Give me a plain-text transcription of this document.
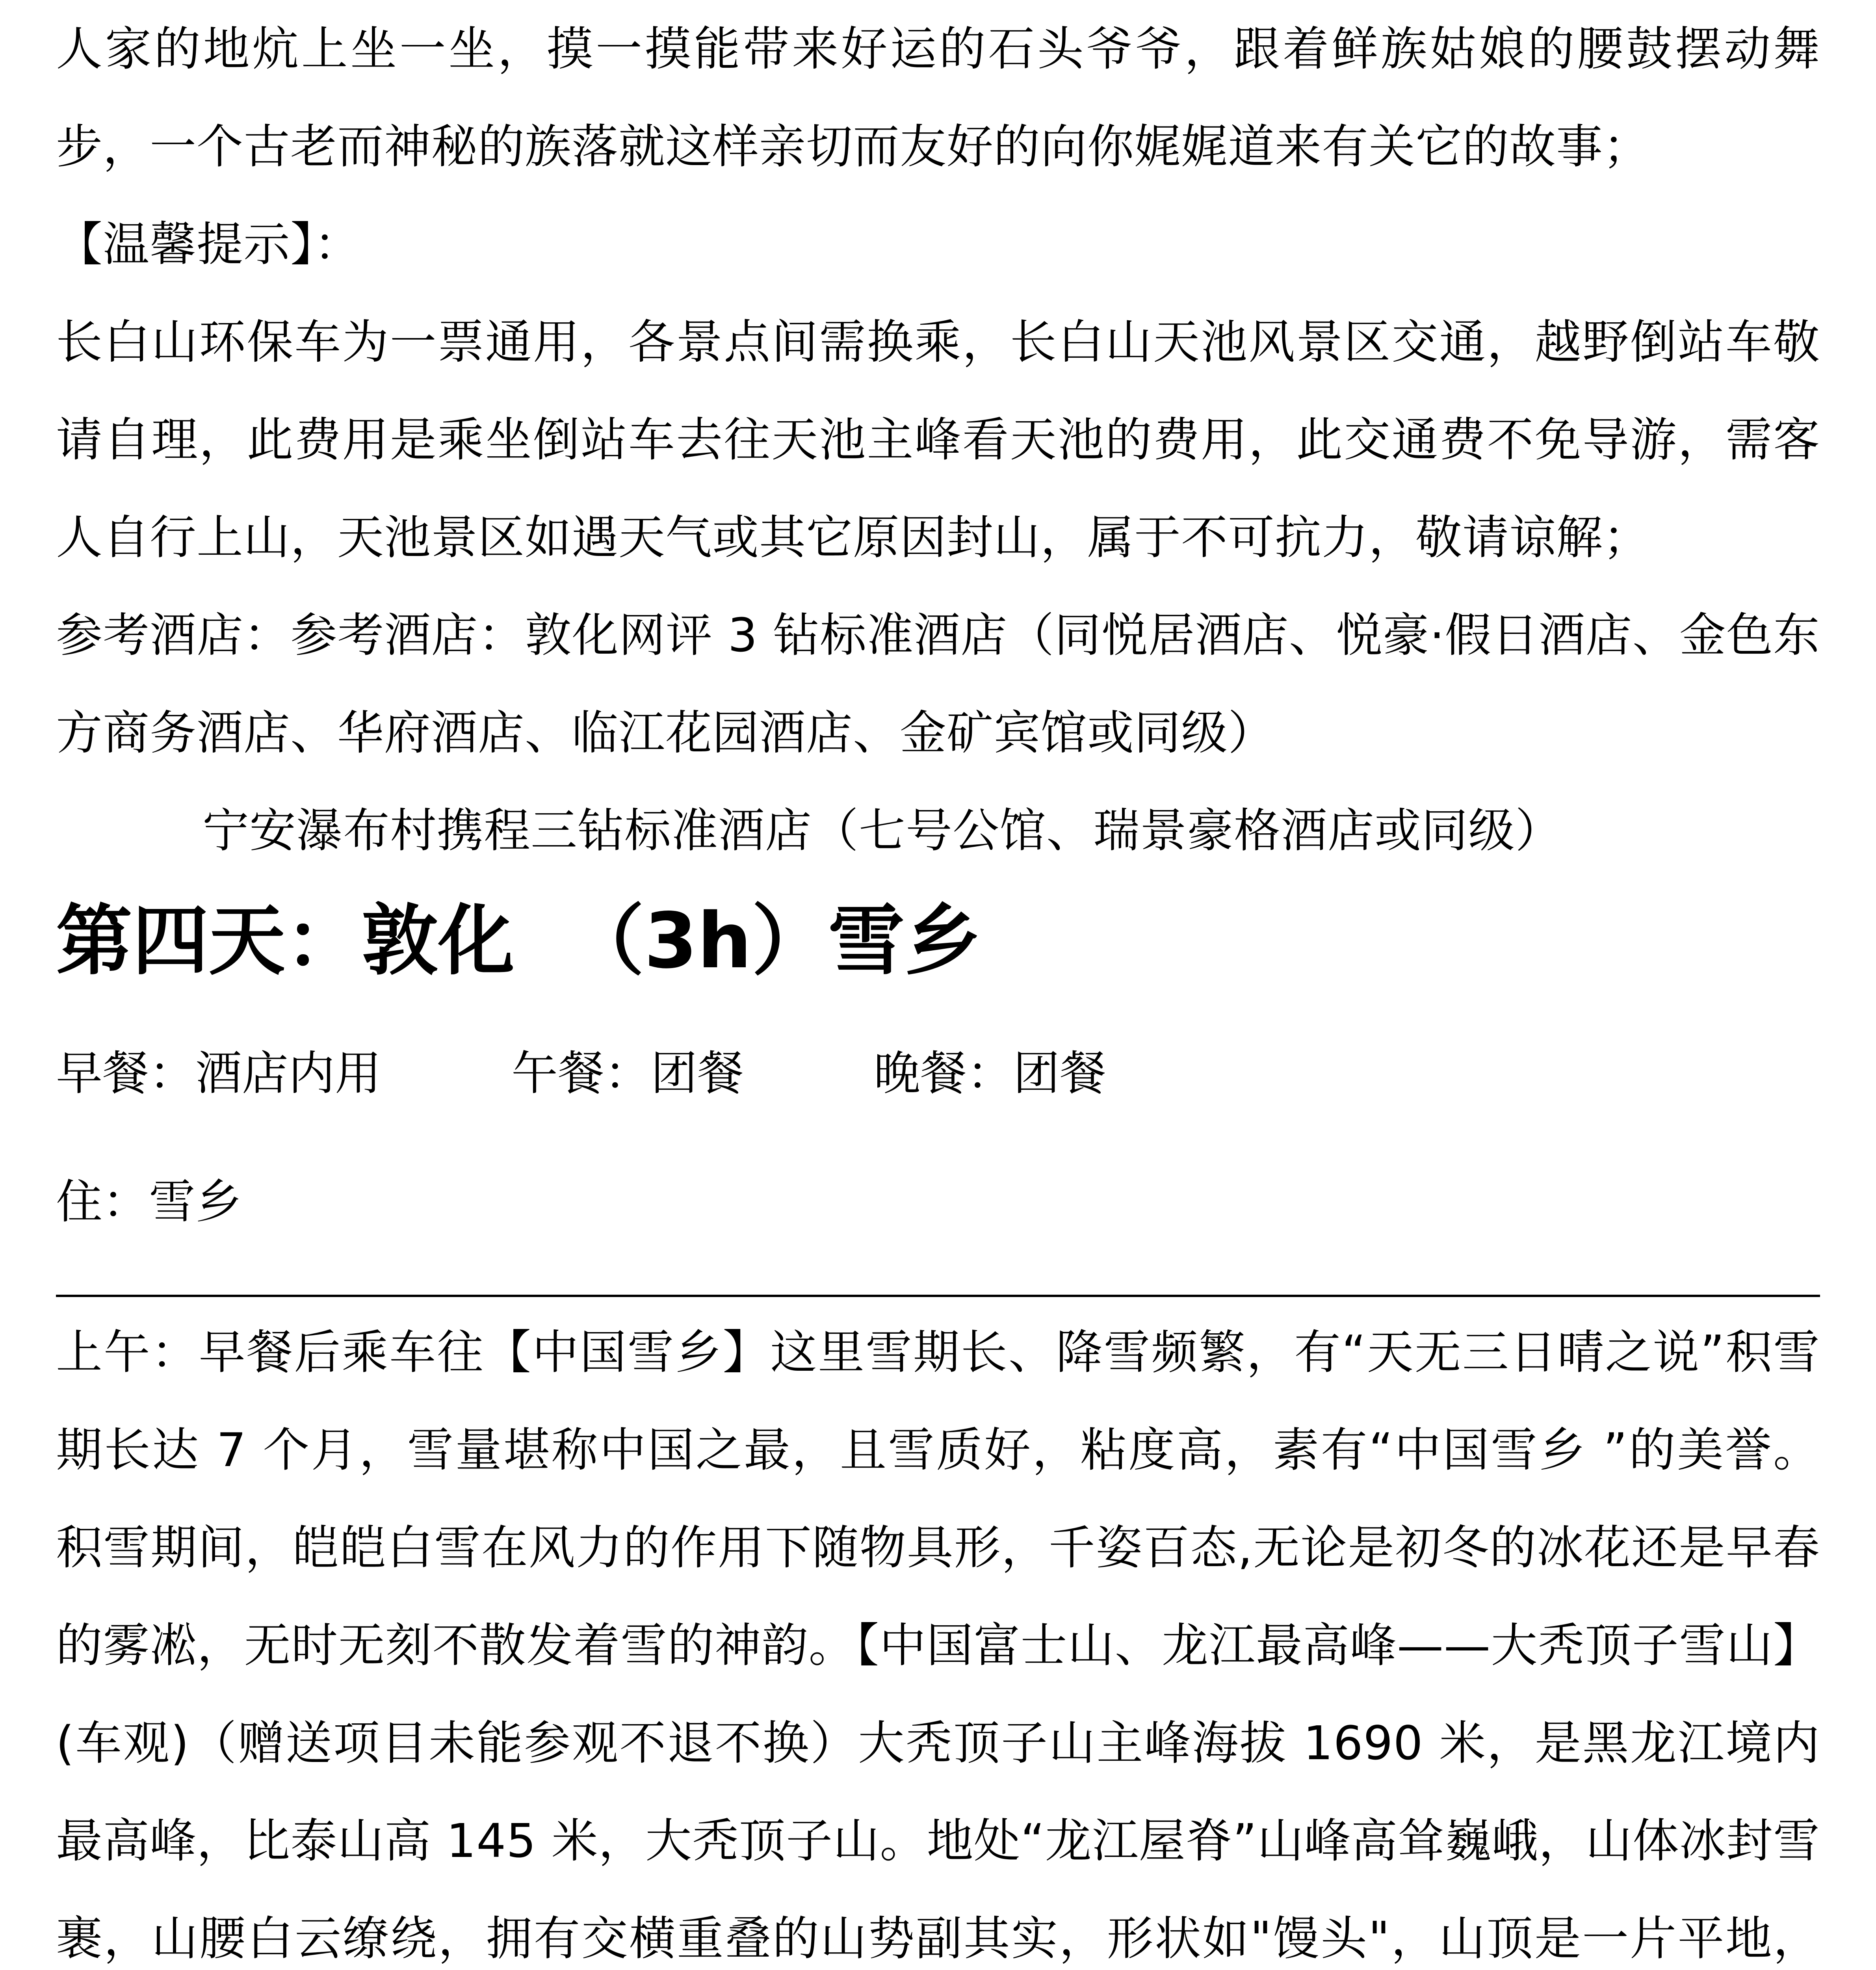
人家的地炕上坐一坐，摸一摸能带来好运的石头爷爷，跟着鲜族姑娘的腰鼓摆动舞步，一个古老而神秘的族落就这样亲切而友好的向你娓娓道来有关它的故事；

【温馨提示】：

长白山环保车为一票通用，各景点间需换乘，长白山天池风景区交通，越野倒站车敬请自理，此费用是乘坐倒站车去往天池主峰看天池的费用，此交通费不免导游，需客人自行上山，天池景区如遇天气或其它原因封山，属于不可抗力，敬请谅解；

参考酒店：参考酒店：敦化网评 3 钻标准酒店（同悦居酒店、悦豪·假日酒店、金色东方商务酒店、华府酒店、临江花园酒店、金矿宾馆或同级）

宁安瀑布村携程三钻标准酒店（七号公馆、瑞景豪格酒店或同级）

第四天：敦化  （3h）雪乡

早餐：酒店内用	午餐：团餐	晚餐：团餐

住：雪乡

上午：早餐后乘车往【中国雪乡】这里雪期长、降雪频繁，有“天无三日晴之说”积雪期长达 7 个月，雪量堪称中国之最，且雪质好，粘度高，素有“中国雪乡 ”的美誉。积雪期间，皑皑白雪在风力的作用下随物具形，千姿百态,无论是初冬的冰花还是早春的雾凇，无时无刻不散发着雪的神韵。【中国富士山、龙江最高峰——大秃顶子雪山】(车观)（赠送项目未能参观不退不换）大秃顶子山主峰海拔 1690 米，是黑龙江境内最高峰，比泰山高 145 米，大秃顶子山。地处“龙江屋脊”山峰高耸巍峨，山体冰封雪裹，山腰白云缭绕，拥有交横重叠的山势副其实，形状如"馒头"，山顶是一片平地，
